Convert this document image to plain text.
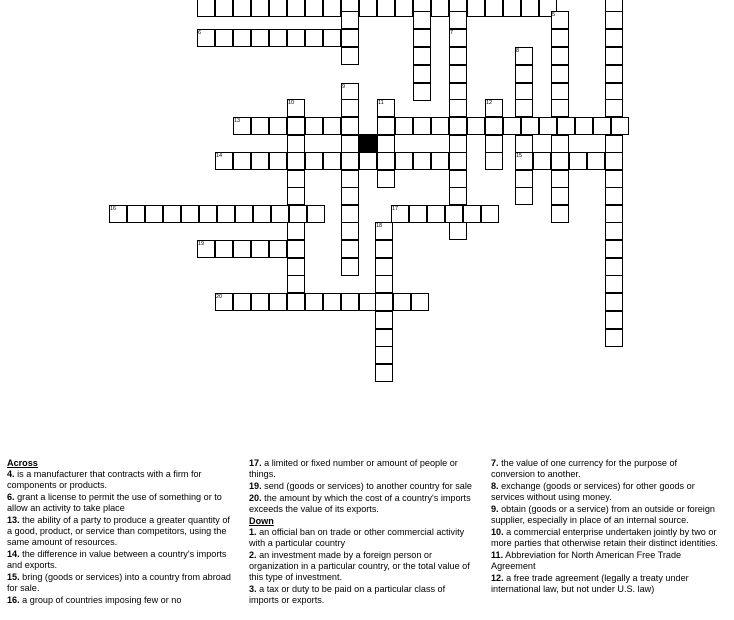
5
6	7
8
9
10	11	12
13
14	15
16	17
18
19
20
Across
4. is a manufacturer that contracts with a firm for components or products.
6. grant a license to permit the use of something or to allow an activity to take place
13. the ability of a party to produce a greater quantity of a good, product, or service than competitors, using the same amount of resources.
14. the difference in value between a country's imports and exports.
15. bring (goods or services) into a country from abroad for sale.
16. a group of countries imposing few or no
17. a limited or fixed number or amount of people or things.
19. send (goods or services) to another country for sale
20. the amount by which the cost of a country's imports exceeds the value of its exports.
Down
1. an official ban on trade or other commercial activity with a particular country
2. an investment made by a foreign person or organization in a particular country, or the total value of this type of investment.
3. a tax or duty to be paid on a particular class of imports or exports.
7. the value of one currency for the purpose of conversion to another.
8. exchange (goods or services) for other goods or services without using money.
9. obtain (goods or a service) from an outside or foreign supplier, especially in place of an internal source.
10. a commercial enterprise undertaken jointly by two or more parties that otherwise retain their distinct identities.
11. Abbreviation for North American Free Trade Agreement
12. a free trade agreement (legally a treaty under international law, but not under U.S. law)
